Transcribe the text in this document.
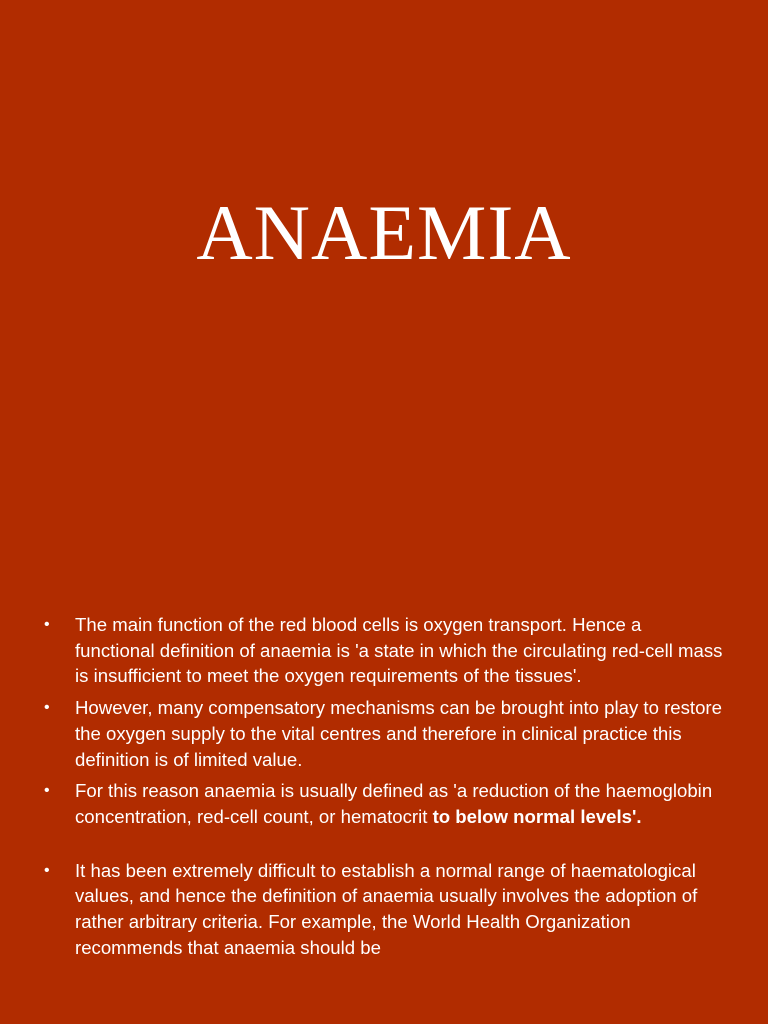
ANAEMIA
• The main function of the red blood cells is oxygen transport. Hence a functional definition of anaemia is 'a state in which the circulating red-cell mass is insufficient to meet the oxygen requirements of the tissues'.
• However, many compensatory mechanisms can be brought into play to restore the oxygen supply to the vital centres and therefore in clinical practice this definition is of limited value.
• For this reason anaemia is usually defined as 'a reduction of the haemoglobin concentration, red-cell count, or hematocrit to below normal levels'.
• It has been extremely difficult to establish a normal range of haematological values, and hence the definition of anaemia usually involves the adoption of rather arbitrary criteria. For example, the World Health Organization recommends that anaemia should be
